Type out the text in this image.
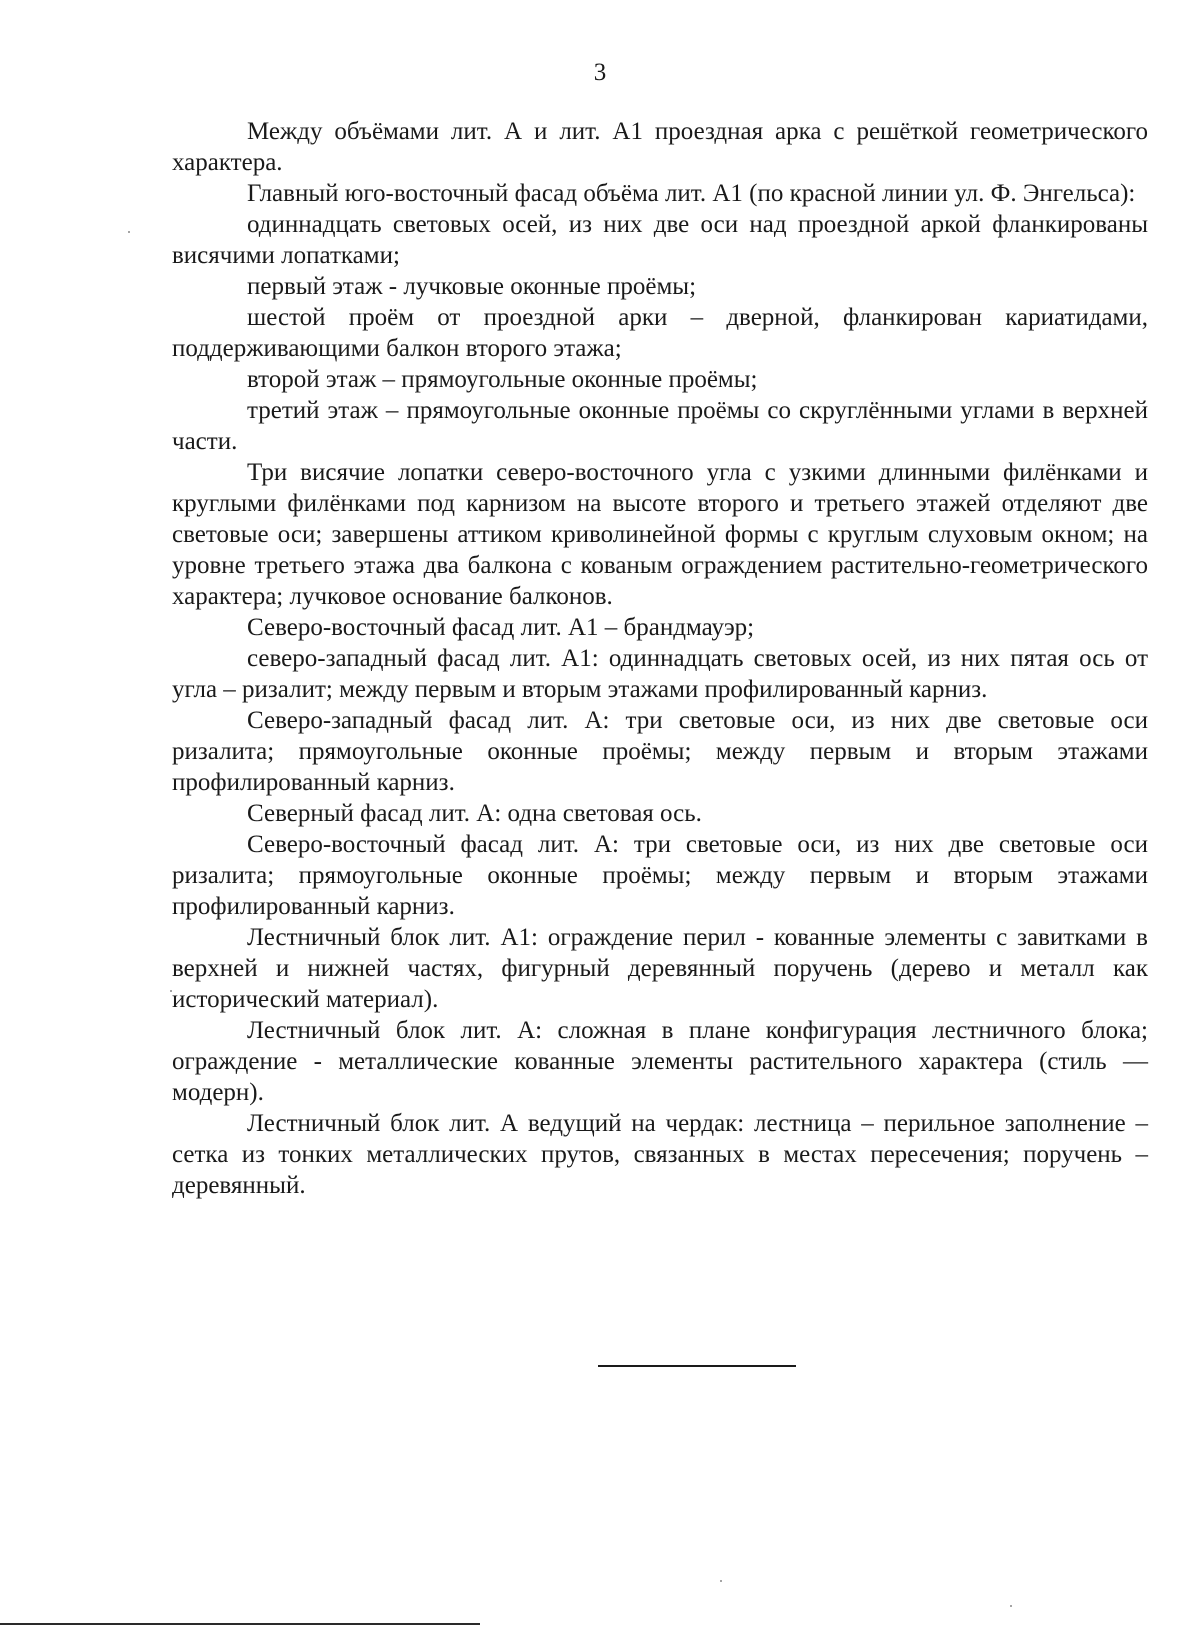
3

Между объёмами лит. А и лит. А1 проездная арка с решёткой геометрического характера.

Главный юго-восточный фасад объёма лит. А1 (по красной линии ул. Ф. Энгельса):

одиннадцать световых осей, из них две оси над проездной аркой фланкированы висячими лопатками;

первый этаж - лучковые оконные проёмы;

шестой проём от проездной арки – дверной, фланкирован кариатидами, поддерживающими балкон второго этажа;

второй этаж – прямоугольные оконные проёмы;

третий этаж – прямоугольные оконные проёмы со скруглёнными углами в верхней части.

Три висячие лопатки северо-восточного угла с узкими длинными филёнками и круглыми филёнками под карнизом на высоте второго и третьего этажей отделяют две световые оси; завершены аттиком криволинейной формы с круглым слуховым окном; на уровне третьего этажа два балкона с кованым ограждением растительно-геометрического характера; лучковое основание балконов.

Северо-восточный фасад лит. А1 – брандмауэр;

северо-западный фасад лит. А1: одиннадцать световых осей, из них пятая ось от угла – ризалит; между первым и вторым этажами профилированный карниз.

Северо-западный фасад лит. А: три световые оси, из них две световые оси ризалита; прямоугольные оконные проёмы; между первым и вторым этажами профилированный карниз.

Северный фасад лит. А: одна световая ось.

Северо-восточный фасад лит. А: три световые оси, из них две световые оси ризалита; прямоугольные оконные проёмы; между первым и вторым этажами профилированный карниз.

Лестничный блок лит. А1: ограждение перил - кованные элементы с завитками в верхней и нижней частях, фигурный деревянный поручень (дерево и металл как исторический материал).

Лестничный блок лит. А: сложная в плане конфигурация лестничного блока; ограждение - металлические кованные элементы растительного характера (стиль — модерн).

Лестничный блок лит. А ведущий на чердак: лестница – перильное заполнение – сетка из тонких металлических прутов, связанных в местах пересечения; поручень – деревянный.
